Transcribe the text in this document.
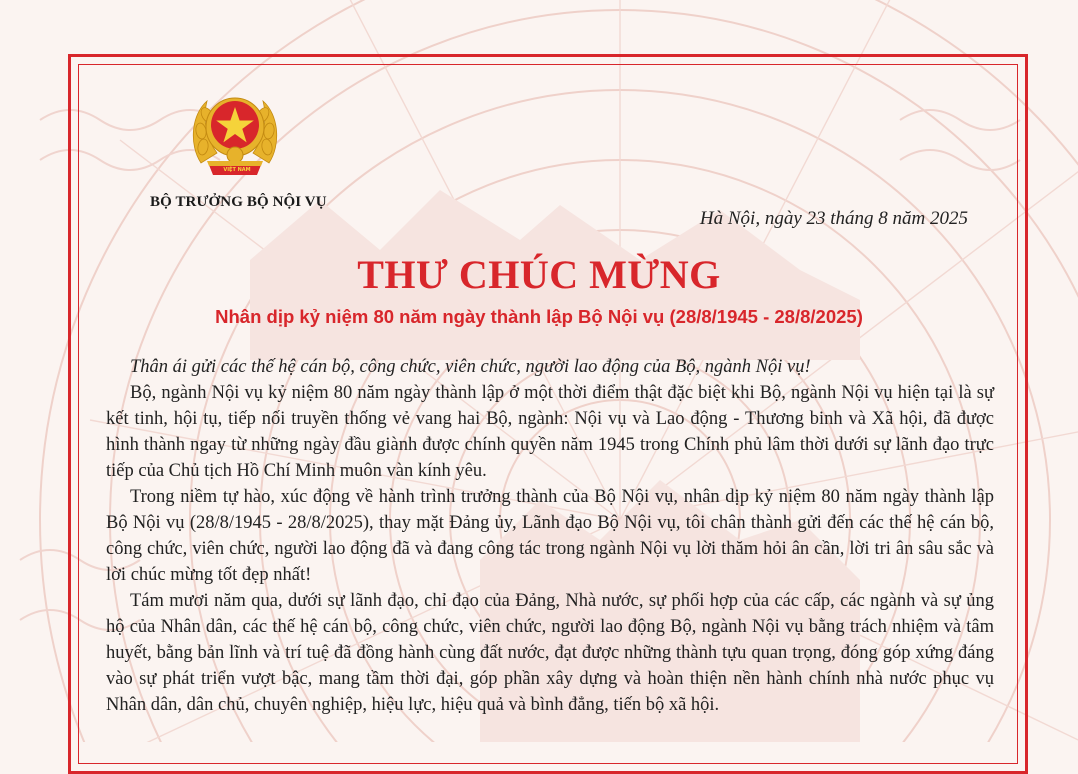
VIỆT NAM
BỘ TRƯỞNG BỘ NỘI VỤ
Hà Nội, ngày 23 tháng 8 năm 2025
THƯ CHÚC MỪNG
Nhân dịp kỷ niệm 80 năm ngày thành lập Bộ Nội vụ (28/8/1945 - 28/8/2025)

Thân ái gửi các thế hệ cán bộ, công chức, viên chức, người lao động của Bộ, ngành Nội vụ!

Bộ, ngành Nội vụ kỷ niệm 80 năm ngày thành lập ở một thời điểm thật đặc biệt khi Bộ, ngành Nội vụ hiện tại là sự kết tinh, hội tụ, tiếp nối truyền thống vẻ vang hai Bộ, ngành: Nội vụ và Lao động - Thương binh và Xã hội, đã được hình thành ngay từ những ngày đầu giành được chính quyền năm 1945 trong Chính phủ lâm thời dưới sự lãnh đạo trực tiếp của Chủ tịch Hồ Chí Minh muôn vàn kính yêu.

Trong niềm tự hào, xúc động về hành trình trưởng thành của Bộ Nội vụ, nhân dịp kỷ niệm 80 năm ngày thành lập Bộ Nội vụ (28/8/1945 - 28/8/2025), thay mặt Đảng ủy, Lãnh đạo Bộ Nội vụ, tôi chân thành gửi đến các thế hệ cán bộ, công chức, viên chức, người lao động đã và đang công tác trong ngành Nội vụ lời thăm hỏi ân cần, lời tri ân sâu sắc và lời chúc mừng tốt đẹp nhất!

Tám mươi năm qua, dưới sự lãnh đạo, chỉ đạo của Đảng, Nhà nước, sự phối hợp của các cấp, các ngành và sự ủng hộ của Nhân dân, các thế hệ cán bộ, công chức, viên chức, người lao động Bộ, ngành Nội vụ bằng trách nhiệm và tâm huyết, bằng bản lĩnh và trí tuệ đã đồng hành cùng đất nước, đạt được những thành tựu quan trọng, đóng góp xứng đáng vào sự phát triển vượt bậc, mang tầm thời đại, góp phần xây dựng và hoàn thiện nền hành chính nhà nước phục vụ Nhân dân, dân chủ, chuyên nghiệp, hiệu lực, hiệu quả và bình đẳng, tiến bộ xã hội.
